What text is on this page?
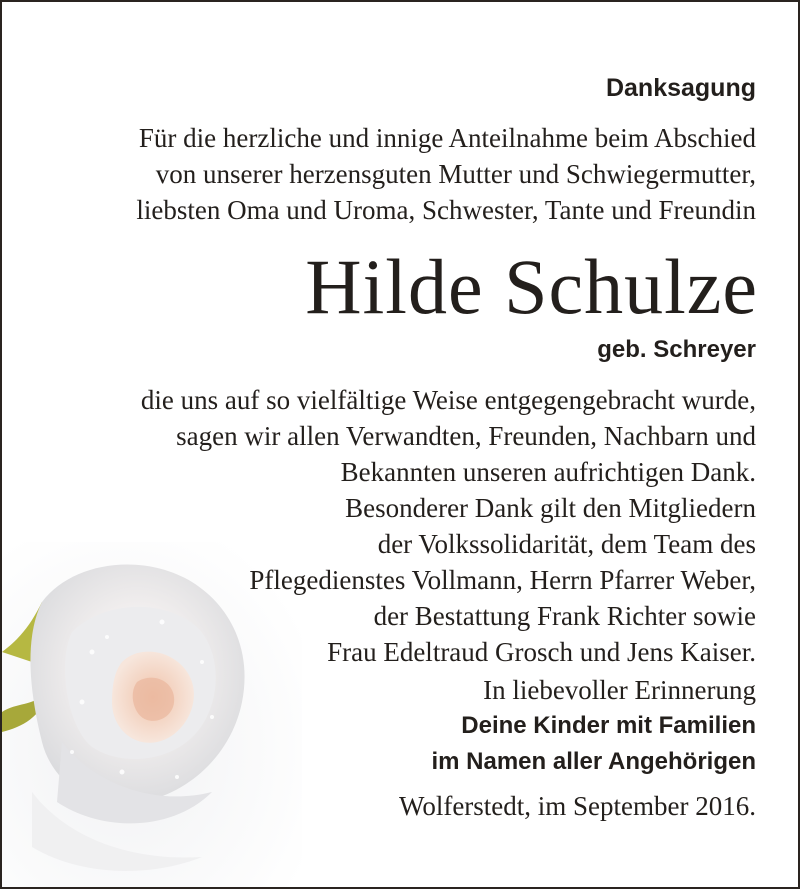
Danksagung
Für die herzliche und innige Anteilnahme beim Abschied
von unserer herzensguten Mutter und Schwiegermutter,
liebsten Oma und Uroma, Schwester, Tante und Freundin
Hilde Schulze
geb. Schreyer
die uns auf so vielfältige Weise entgegengebracht wurde,
sagen wir allen Verwandten, Freunden, Nachbarn und
Bekannten unseren aufrichtigen Dank.
Besonderer Dank gilt den Mitgliedern
der Volkssolidarität, dem Team des
Pflegedienstes Vollmann, Herrn Pfarrer Weber,
der Bestattung Frank Richter sowie
Frau Edeltraud Grosch und Jens Kaiser.
In liebevoller Erinnerung
Deine Kinder mit Familien
im Namen aller Angehörigen
Wolferstedt, im September 2016.
